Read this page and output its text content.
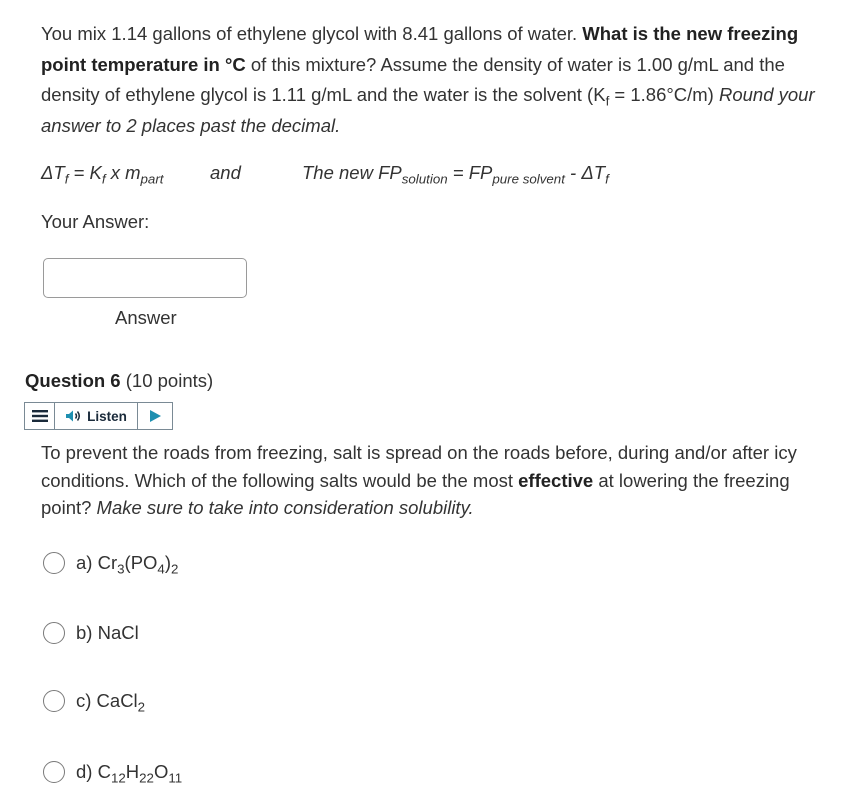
You mix 1.14 gallons of ethylene glycol with 8.41 gallons of water. What is the new freezing point temperature in °C of this mixture? Assume the density of water is 1.00 g/mL and the density of ethylene glycol is 1.11 g/mL and the water is the solvent $(K_f = 1.86^\circ C/m)$ Round your answer to 2 places past the decimal.
$\Delta T_f = K_f$ x $m_{part}$	and	The new $FP_{solution} = FP_{pure solvent} - \Delta T_f$
Your Answer:
Answer
Question 6 (10 points)
Listen
To prevent the roads from freezing, salt is spread on the roads before, during and/or after icy conditions. Which of the following salts would be the most effective at lowering the freezing point? Make sure to take into consideration solubility.
a) $Cr_3(PO_4)_2$
b) NaCl
c) CaCl$_2$
d) $C_{12}H_{22}O_{11}$
